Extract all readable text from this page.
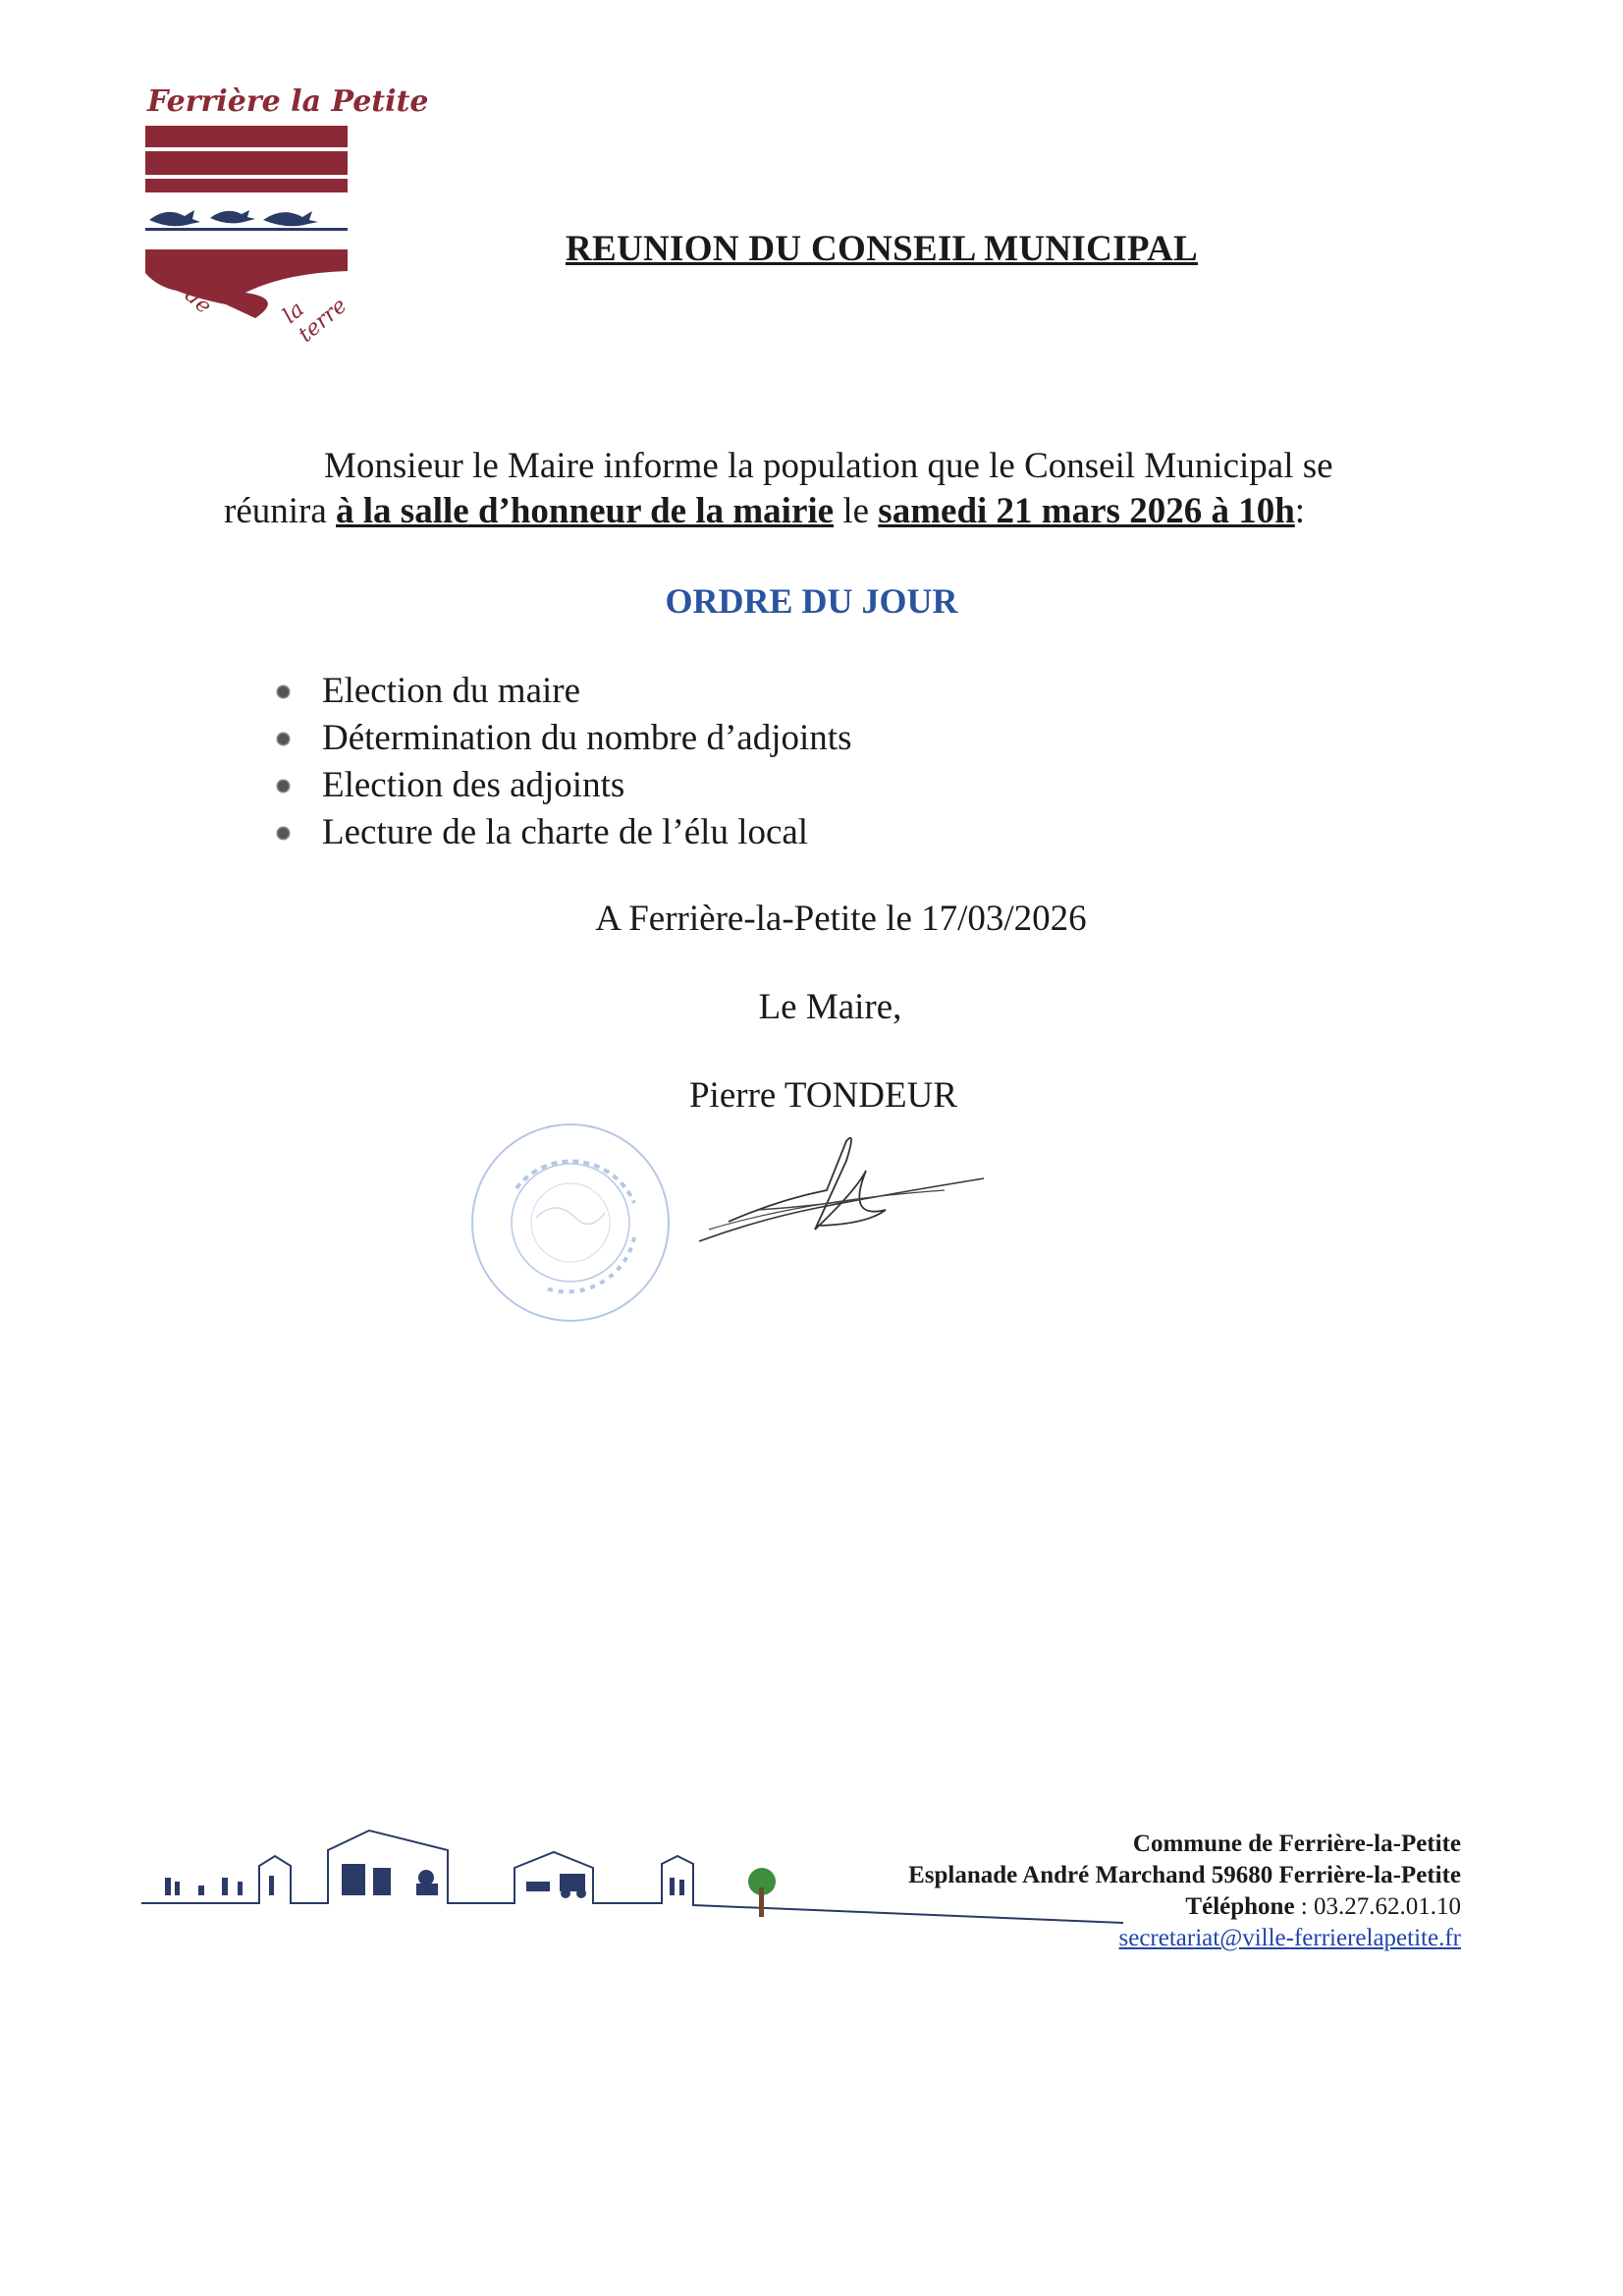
Ferrière la Petite
cité de	la terre
REUNION DU CONSEIL MUNICIPAL
Monsieur le Maire informe la population que le Conseil Municipal se
réunira à la salle d’honneur de la mairie le samedi 21 mars 2026 à 10h:
ORDRE DU JOUR
Election du maire
Détermination du nombre d’adjoints
Election des adjoints
Lecture de la charte de l’élu local
A Ferrière-la-Petite le 17/03/2026
Le Maire,
Pierre TONDEUR
Commune de Ferrière-la-Petite
Esplanade André Marchand 59680 Ferrière-la-Petite
Téléphone : 03.27.62.01.10
secretariat@ville-ferrierelapetite.fr
